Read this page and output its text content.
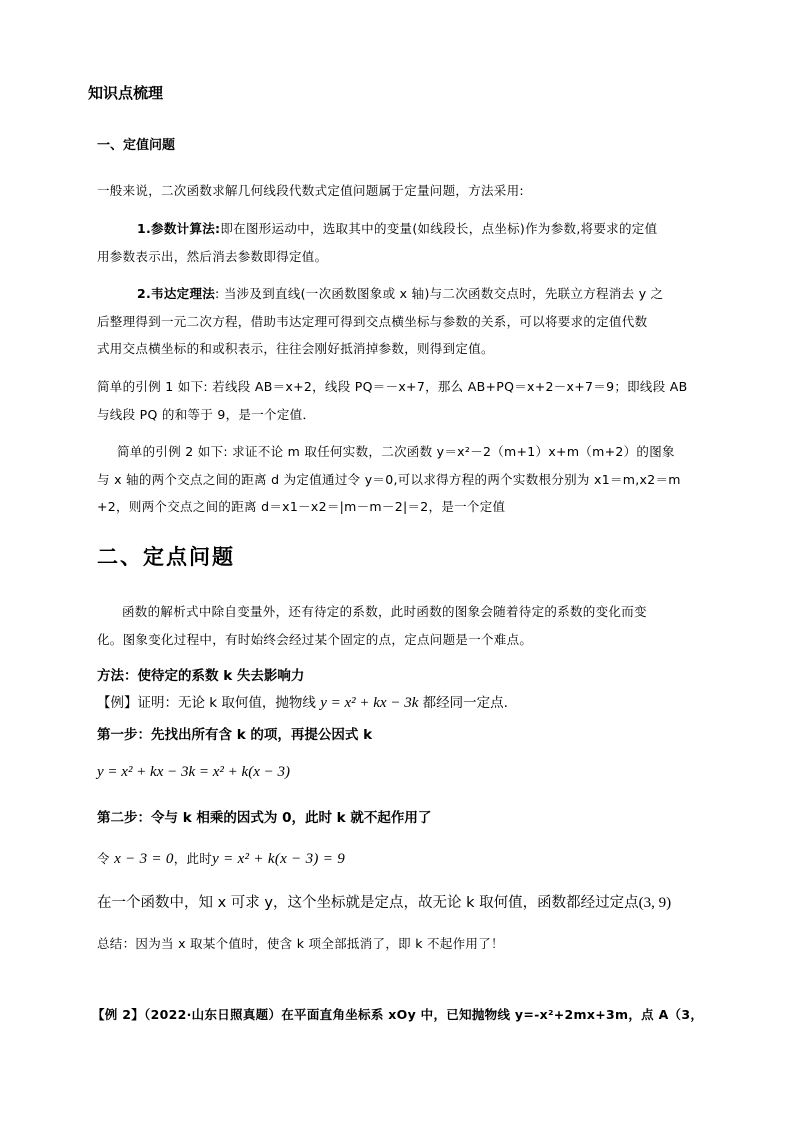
知识点梳理
一、定值问题
一般来说，二次函数求解几何线段代数式定值问题属于定量问题，方法采用:
1.参数计算法:即在图形运动中，选取其中的变量(如线段长，点坐标)作为参数,将要求的定值
用参数表示出，然后消去参数即得定值。
2.韦达定理法: 当涉及到直线(一次函数图象或 x 轴)与二次函数交点时，先联立方程消去 y 之
后整理得到一元二次方程，借助韦达定理可得到交点横坐标与参数的关系，可以将要求的定值代数
式用交点横坐标的和或积表示，往往会刚好抵消掉参数，则得到定值。
简单的引例 1 如下: 若线段 AB＝x+2，线段 PQ＝－x+7，那么 AB+PQ＝x+2－x+7＝9；即线段 AB
与线段 PQ 的和等于 9，是一个定值．
简单的引例 2 如下: 求证不论 m 取任何实数，二次函数 y＝x²－2（m+1）x+m（m+2）的图象
与 x 轴的两个交点之间的距离 d 为定值通过令 y＝0,可以求得方程的两个实数根分别为 x1＝m,x2＝m
+2，则两个交点之间的距离 d＝x1－x2＝|m－m－2|＝2，是一个定值
二、定点问题
函数的解析式中除自变量外，还有待定的系数，此时函数的图象会随着待定的系数的变化而变
化。图象变化过程中，有时始终会经过某个固定的点，定点问题是一个难点。
方法：使待定的系数 k 失去影响力
【例】证明：无论 k 取何值，抛物线 y = x² + kx − 3k 都经同一定点.
第一步：先找出所有含 k 的项，再提公因式 k
y = x² + kx − 3k = x² + k(x − 3)
第二步：令与 k 相乘的因式为 0，此时 k 就不起作用了
令 x − 3 = 0，此时y = x² + k(x − 3) = 9
在一个函数中，知 x 可求 y，这个坐标就是定点，故无论 k 取何值，函数都经过定点(3, 9)
总结：因为当 x 取某个值时，使含 k 项全部抵消了，即 k 不起作用了！
【例 2】（2022·山东日照真题）在平面直角坐标系 xOy 中，已知抛物线 y=-x²+2mx+3m，点 A（3，
